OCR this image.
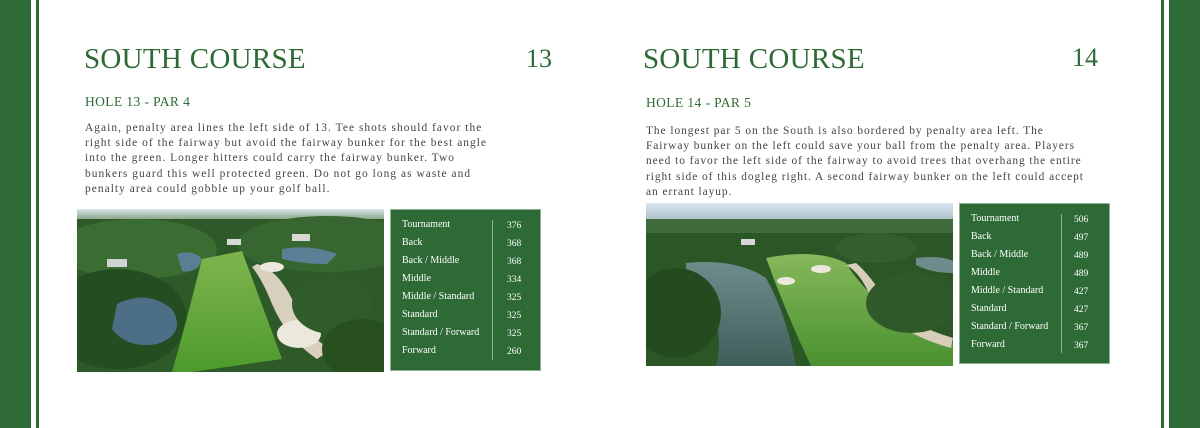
SOUTH COURSE	13
HOLE 13 - PAR 4
Again, penalty area lines the left side of 13. Tee shots should favor the
right side of the fairway but avoid the fairway bunker for the best angle
into the green. Longer hitters could carry the fairway bunker. Two
bunkers guard this well protected green. Do not go long as waste and
penalty area could gobble up your golf ball.
Tournament	376
Back	368
Back / Middle	368
Middle	334
Middle / Standard	325
Standard	325
Standard / Forward	325
Forward	260
SOUTH COURSE	14
HOLE 14 - PAR 5
The longest par 5 on the South is also bordered by penalty area left. The
Fairway bunker on the left could save your ball from the penalty area. Players
need to favor the left side of the fairway to avoid trees that overhang the entire
right side of this dogleg right. A second fairway bunker on the left could accept
an errant layup.
Tournament	506
Back	497
Back / Middle	489
Middle	489
Middle / Standard	427
Standard	427
Standard / Forward	367
Forward	367
